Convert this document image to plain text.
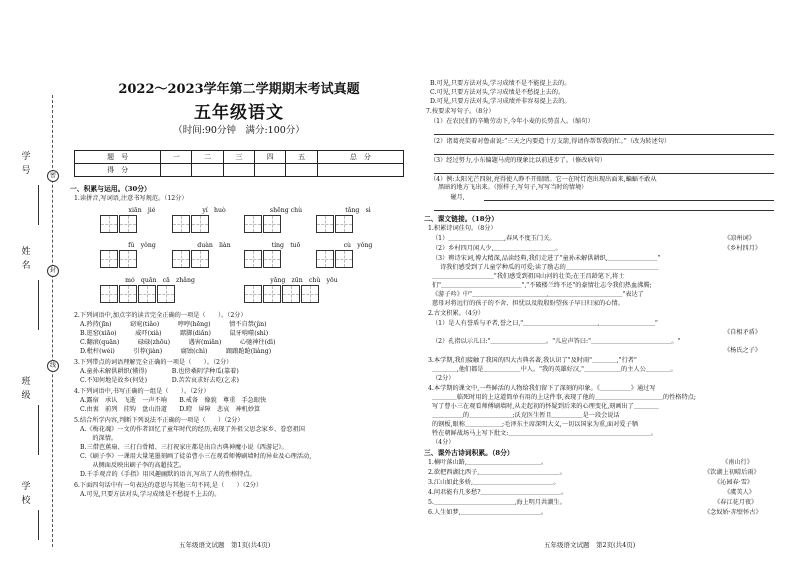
学号
姓名
班级
学校
密
封
线
2022～2023学年第二学期期末考试真题
五年级语文
（时间:90分钟　满分:100分）
题　号	一	二	三	四	五	总　分
得　分						
一、积累与运用。（30分）
1.读拼音,写词语,注意书写规范。（12分）
xiān　jié	yí　huò	shēng chù	tǎng　sì
fǔ　yǒng	duàn　liàn	tíng　tuō	cù　yǒng
mó　quān　cā　zhǎng	yǎng　zūn　chǔ　yōu
2.下列词语中,加点字的读音完全正确的一项是（　　）。（2分）
A.矜持(jīn)　　　窈窕(tiǎo)　　　哼哼(hēng)　　　情不自禁(jìn)
B.逛窑(xiāo)　　　威吓(xià)　　　踮脚(diǎn)　　　鼠牙啃噬(shì)
C.翻滚(quān)　　　碌碌(zhōu)　　　遇害(miǎn)　　　心驰神往(dì)
D.枇杆(wéi)　　　引荐(jiàn)　　　腐蚀(chì)　　　踉踉跄跄(liàng)
3.下列带点的词语理解完全正确的一项是（　　）。（2分）
A.童孙未解供耕织(懂得)　　　　B.也傍桑阴学种瓜(靠着)
C.不知何地是故乡(何处)　　　　D.苦苦哀求好去吃(乞求)
4.下列词语中,书写正确的一组是（　　）。（2分）
A.露宿　承认　飞逝　一声不响　　B.戒备　像貌　尊重　手急眼快
C.由衷　前列　挂钩　盘山沿道　　D.瞪　屏障　悲哀　神机妙算
5.结合所学内容,判断下列说法不正确的一项是（　　）（2分）
A.《梅花魂》一文的作者回忆了童年时代的经历,表现了外祖父思念家乡、眷恋祖国
　　的深情。
B.三借芭蕉扇、三打白骨精、三打祝家庄都是出自古典神魔小说《西游记》。
C.《刷子李》一课用大量笔墨刻画了徒弟曹小三在观看师傅刷墙时的异业及心理活动,
　　从侧面反映出刷子李的高超技艺。
D.千手观音的《手指》用风趣幽默的语言,写出了人的性格特点。
6.下面四句话中有一句表达的意思与其他三句不同,是（　　）（2分）
A.可见,只要方法对头,学习成绩是不愁提不上去的。
五年级语文试题　第1页(共4页)
B.可见,只要方法对头,学习成绩不是不能提上去的。
C.可见,只要方法对头,学习成绩是不愁提上去的。
D.可见,只要方法对头,学习成绩并非容易提上去的。
7.按要求写句子。（8分）
（1）在农民们的辛勤劳动下,今年小麦的长势喜人。（缩句）
（2）诸葛亮笑着对鲁肃说:“三天之内要造十万支箭,得请你帮帮我的忙。”（改为转述句）
（3）经过努力,小东偏题马虎的现象比以前进步了。（修改病句）
（4）例:太阳光芒四射,亮得使人睁不开眼睛。它一在时灯泡出现出面来,蝙蝠不敢从
黑暗的地方飞出来。（照样子,写句子,写写当时的情境）
　　碰月,
二、课文链接。（18分）
1.积累诗词佳句。（8分）
（1）＿＿＿＿＿＿＿＿＿,春风不度玉门关。	《凉州词》
（2）乡村四月闲人少,＿＿＿＿＿＿＿＿＿＿。	《乡村四月》
（3）辨诗宋词,博大精深,品读经典,我们走进了“童孙未解供耕织,＿＿＿＿＿＿＿＿”
诗我们感受到了儿童学种瓜的可爱;读了励志的＿＿＿＿＿＿＿＿＿＿＿＿＿＿＿
＿＿＿＿＿＿＿＿＿＿"我们感受到祖国山河的壮美;在王昌龄笔下,将士
们"＿＿＿＿＿＿＿＿＿＿＿＿＿","不破楼兰终不还"的豪情壮志令我们热血沸腾;
《游子吟》中"＿＿＿＿＿＿＿＿＿＿＿＿,＿＿＿＿＿＿＿＿＿＿＿＿"表达了
慈母对将远行的孩子的不舍、担忧以及殷殷盼望孩子早日归家的心情。
2.古文积累。（4分）
（1）是人有誉盾与矛者,誉之曰,"＿＿＿＿＿＿＿＿＿＿＿＿,＿＿＿＿＿＿＿＿＿"
《自相矛盾》
（2）孔指以示儿曰:"＿＿＿＿＿＿＿＿＿。"儿应声答曰:"＿＿＿＿＿＿＿＿＿＿＿＿＿。"
《杨氏之子》
3.本学期,我们接触了我国的四大古典名著,我认识了"及时雨"＿＿＿＿,"行者"
＿＿＿＿,他们都是＿＿＿＿＿＿中人。"我的英雄好汉,"＿＿＿＿＿＿的主人公＿＿＿＿。
（2分）
4.本学期的课文中,一些鲜活的人物给我们留下了深刻的印象。《＿＿＿＿＿》通过写
＿＿＿＿临死时用的上这道简单有用的上这件事,表现了他的＿＿＿＿＿＿＿＿＿＿＿的性格特点;
写了曹小三在观看师傅刷墙时,从走起初的怀疑到后来的心理变化,刻画出了＿＿＿＿
＿＿＿＿＿的＿＿＿＿＿＿＿;沃克医生暂且＿＿＿＿＿是一段会说话
的钢板,眼称＿＿＿＿＿＿;毛泽东主席深明大义,一切以国家为重,面对爱子牺
牲在朝鲜战场马上写下批文:＿＿＿＿＿＿＿＿＿＿＿＿＿＿＿＿＿＿＿＿＿＿＿。
（4分）
三、课外古诗词积累。（8分）
1.楠叶落山路,＿＿＿＿＿＿＿＿＿＿＿＿。	《南山行》
2.欲把西湖比西子,＿＿＿＿＿＿＿＿＿＿＿＿＿。	《饮湖上初晴后雨》
3.江山如此多娇,＿＿＿＿＿＿＿＿＿＿＿＿＿。	《沁园春·雪》
4.问君能有几多愁?＿＿＿＿＿＿＿＿＿＿＿＿＿。	《虞美人》
5.＿＿＿＿＿＿＿＿＿＿＿＿＿,海上明月共潮生。	《春江花月夜》
6.人生如梦,＿＿＿＿＿＿＿＿＿＿＿＿＿。	《念奴娇·赤壁怀古》
五年级语文试题　第2页(共4页)
